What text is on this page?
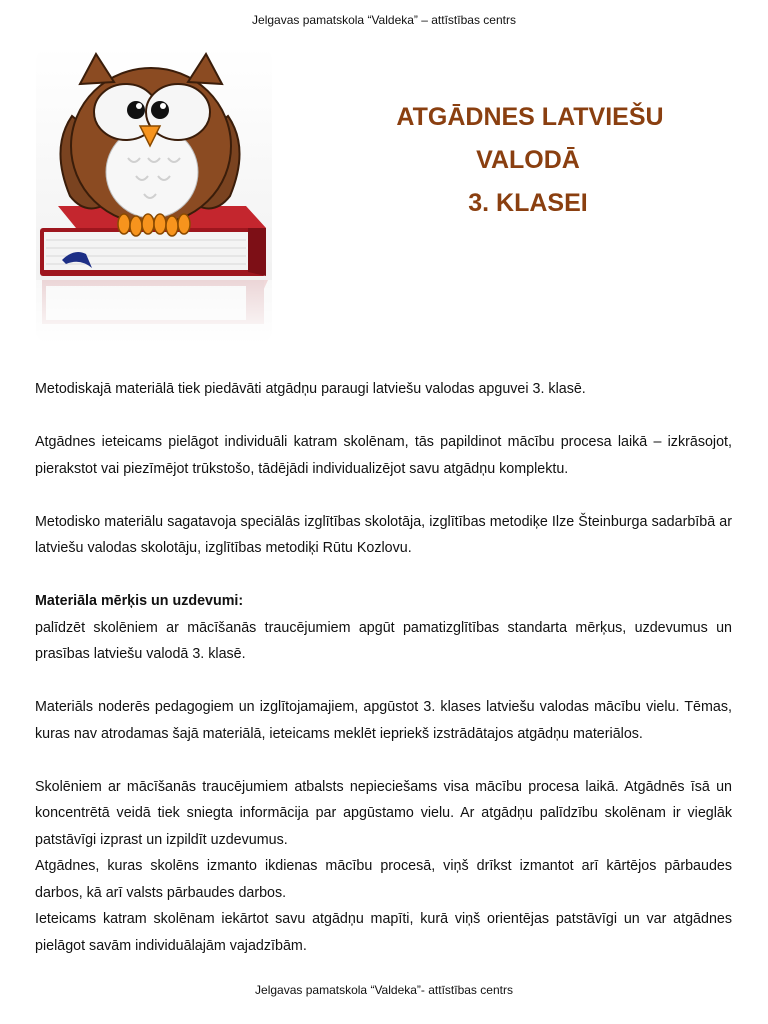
Jelgavas pamatskola “Valdeka” – attīstības centrs
ATGĀDNES LATVIEŠU
VALODĀ
3. KLASEI

Metodiskajā materiālā tiek piedāvāti atgādņu paraugi latviešu valodas apguvei 3. klasē.

Atgādnes ieteicams pielāgot individuāli katram skolēnam, tās papildinot mācību procesa laikā – izkrāsojot, pierakstot vai piezīmējot trūkstošo, tādējādi individualizējot savu atgādņu komplektu.

Metodisko materiālu sagatavoja speciālās izglītības skolotāja, izglītības metodiķe Ilze Šteinburga sadarbībā ar latviešu valodas skolotāju, izglītības metodiķi Rūtu Kozlovu.

Materiāla mērķis un uzdevumi:

palīdzēt skolēniem ar mācīšanās traucējumiem apgūt pamatizglītības standarta mērķus, uzdevumus un prasības latviešu valodā 3. klasē.

Materiāls noderēs pedagogiem un izglītojamajiem, apgūstot 3. klases latviešu valodas mācību vielu. Tēmas, kuras nav atrodamas šajā materiālā, ieteicams meklēt iepriekš izstrādātajos atgādņu materiālos.

Skolēniem ar mācīšanās traucējumiem atbalsts nepieciešams visa mācību procesa laikā. Atgādnēs īsā un koncentrētā veidā tiek sniegta informācija par apgūstamo vielu. Ar atgādņu palīdzību skolēnam ir vieglāk patstāvīgi izprast un izpildīt uzdevumus.

Atgādnes, kuras skolēns izmanto ikdienas mācību procesā, viņš drīkst izmantot arī kārtējos pārbaudes darbos, kā arī valsts pārbaudes darbos.

Ieteicams katram skolēnam iekārtot savu atgādņu mapīti, kurā viņš orientējas patstāvīgi un var atgādnes pielāgot savām individuālajām vajadzībām.

Jelgavas pamatskola “Valdeka”- attīstības centrs
